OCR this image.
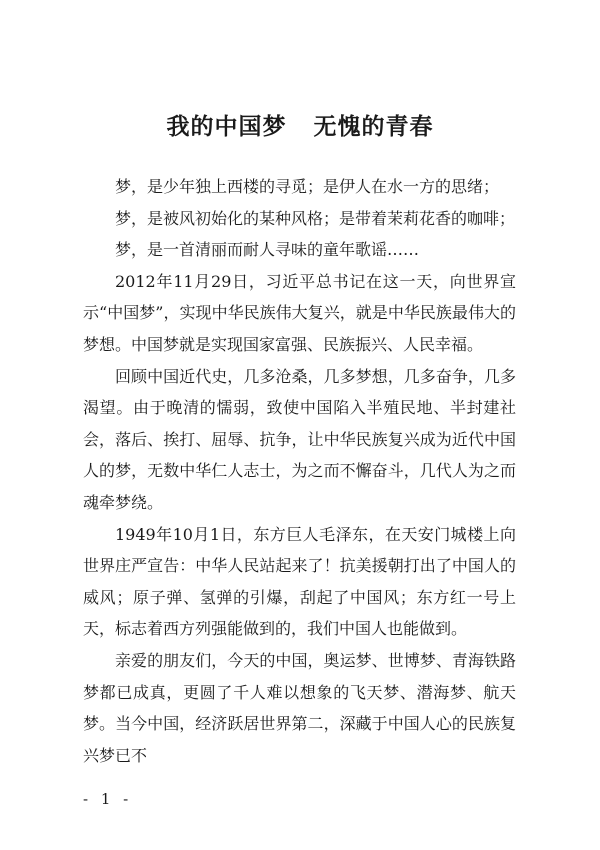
我的中国梦   无愧的青春

梦，是少年独上西楼的寻觅；是伊人在水一方的思绪；

梦，是被风初始化的某种风格；是带着茉莉花香的咖啡；

梦，是一首清丽而耐人寻味的童年歌谣……

2012年11月29日，习近平总书记在这一天，向世界宣示“中国梦”，实现中华民族伟大复兴，就是中华民族最伟大的梦想。中国梦就是实现国家富强、民族振兴、人民幸福。

回顾中国近代史，几多沧桑，几多梦想，几多奋争，几多渴望。由于晚清的懦弱，致使中国陷入半殖民地、半封建社会，落后、挨打、屈辱、抗争，让中华民族复兴成为近代中国人的梦，无数中华仁人志士，为之而不懈奋斗，几代人为之而魂牵梦绕。

1949年10月1日，东方巨人毛泽东，在天安门城楼上向世界庄严宣告：中华人民站起来了！抗美援朝打出了中国人的威风；原子弹、氢弹的引爆，刮起了中国风；东方红一号上天，标志着西方列强能做到的，我们中国人也能做到。

亲爱的朋友们，今天的中国，奥运梦、世博梦、青海铁路梦都已成真，更圆了千人难以想象的飞天梦、潜海梦、航天梦。当今中国，经济跃居世界第二，深藏于中国人心的民族复兴梦已不

- 1 -
